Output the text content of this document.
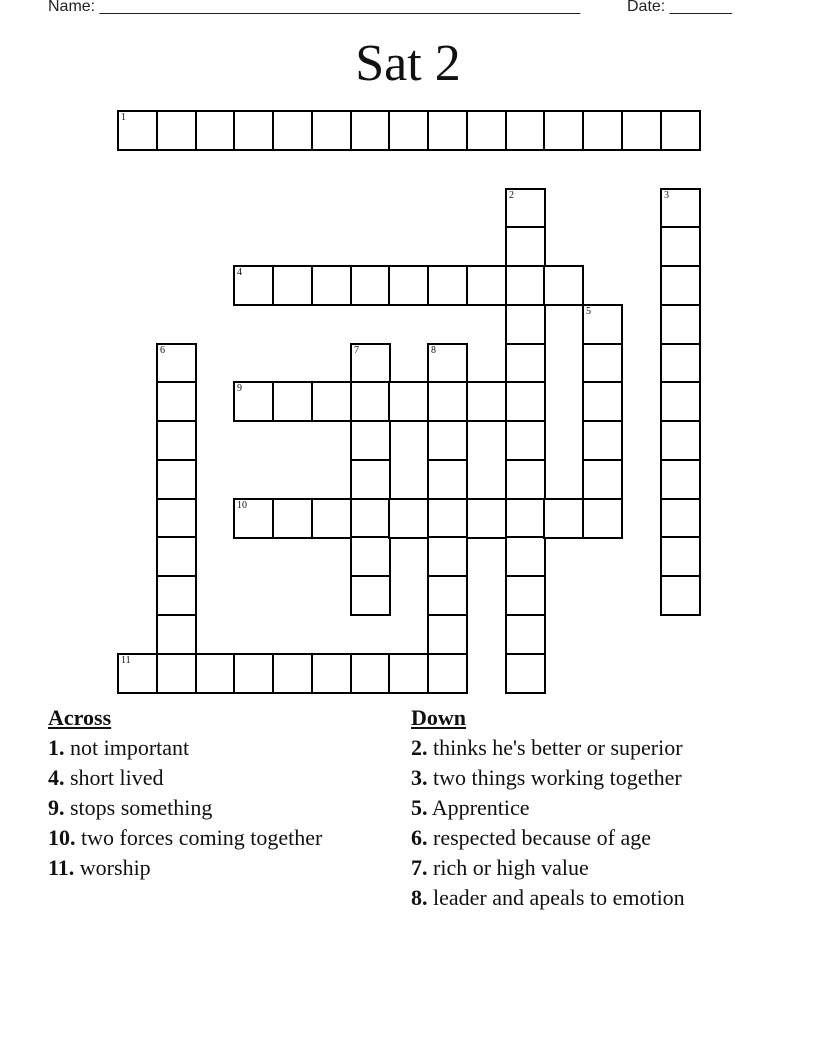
Name: ______________________________________________________	Date: _______
Sat 2
1
2	3
4
5
6	7	8
9
10
11
Across
1. not important
4. short lived
9. stops something
10. two forces coming together
11. worship
Down
2. thinks he's better or superior
3. two things working together
5. Apprentice
6. respected because of age
7. rich or high value
8. leader and apeals to emotion
